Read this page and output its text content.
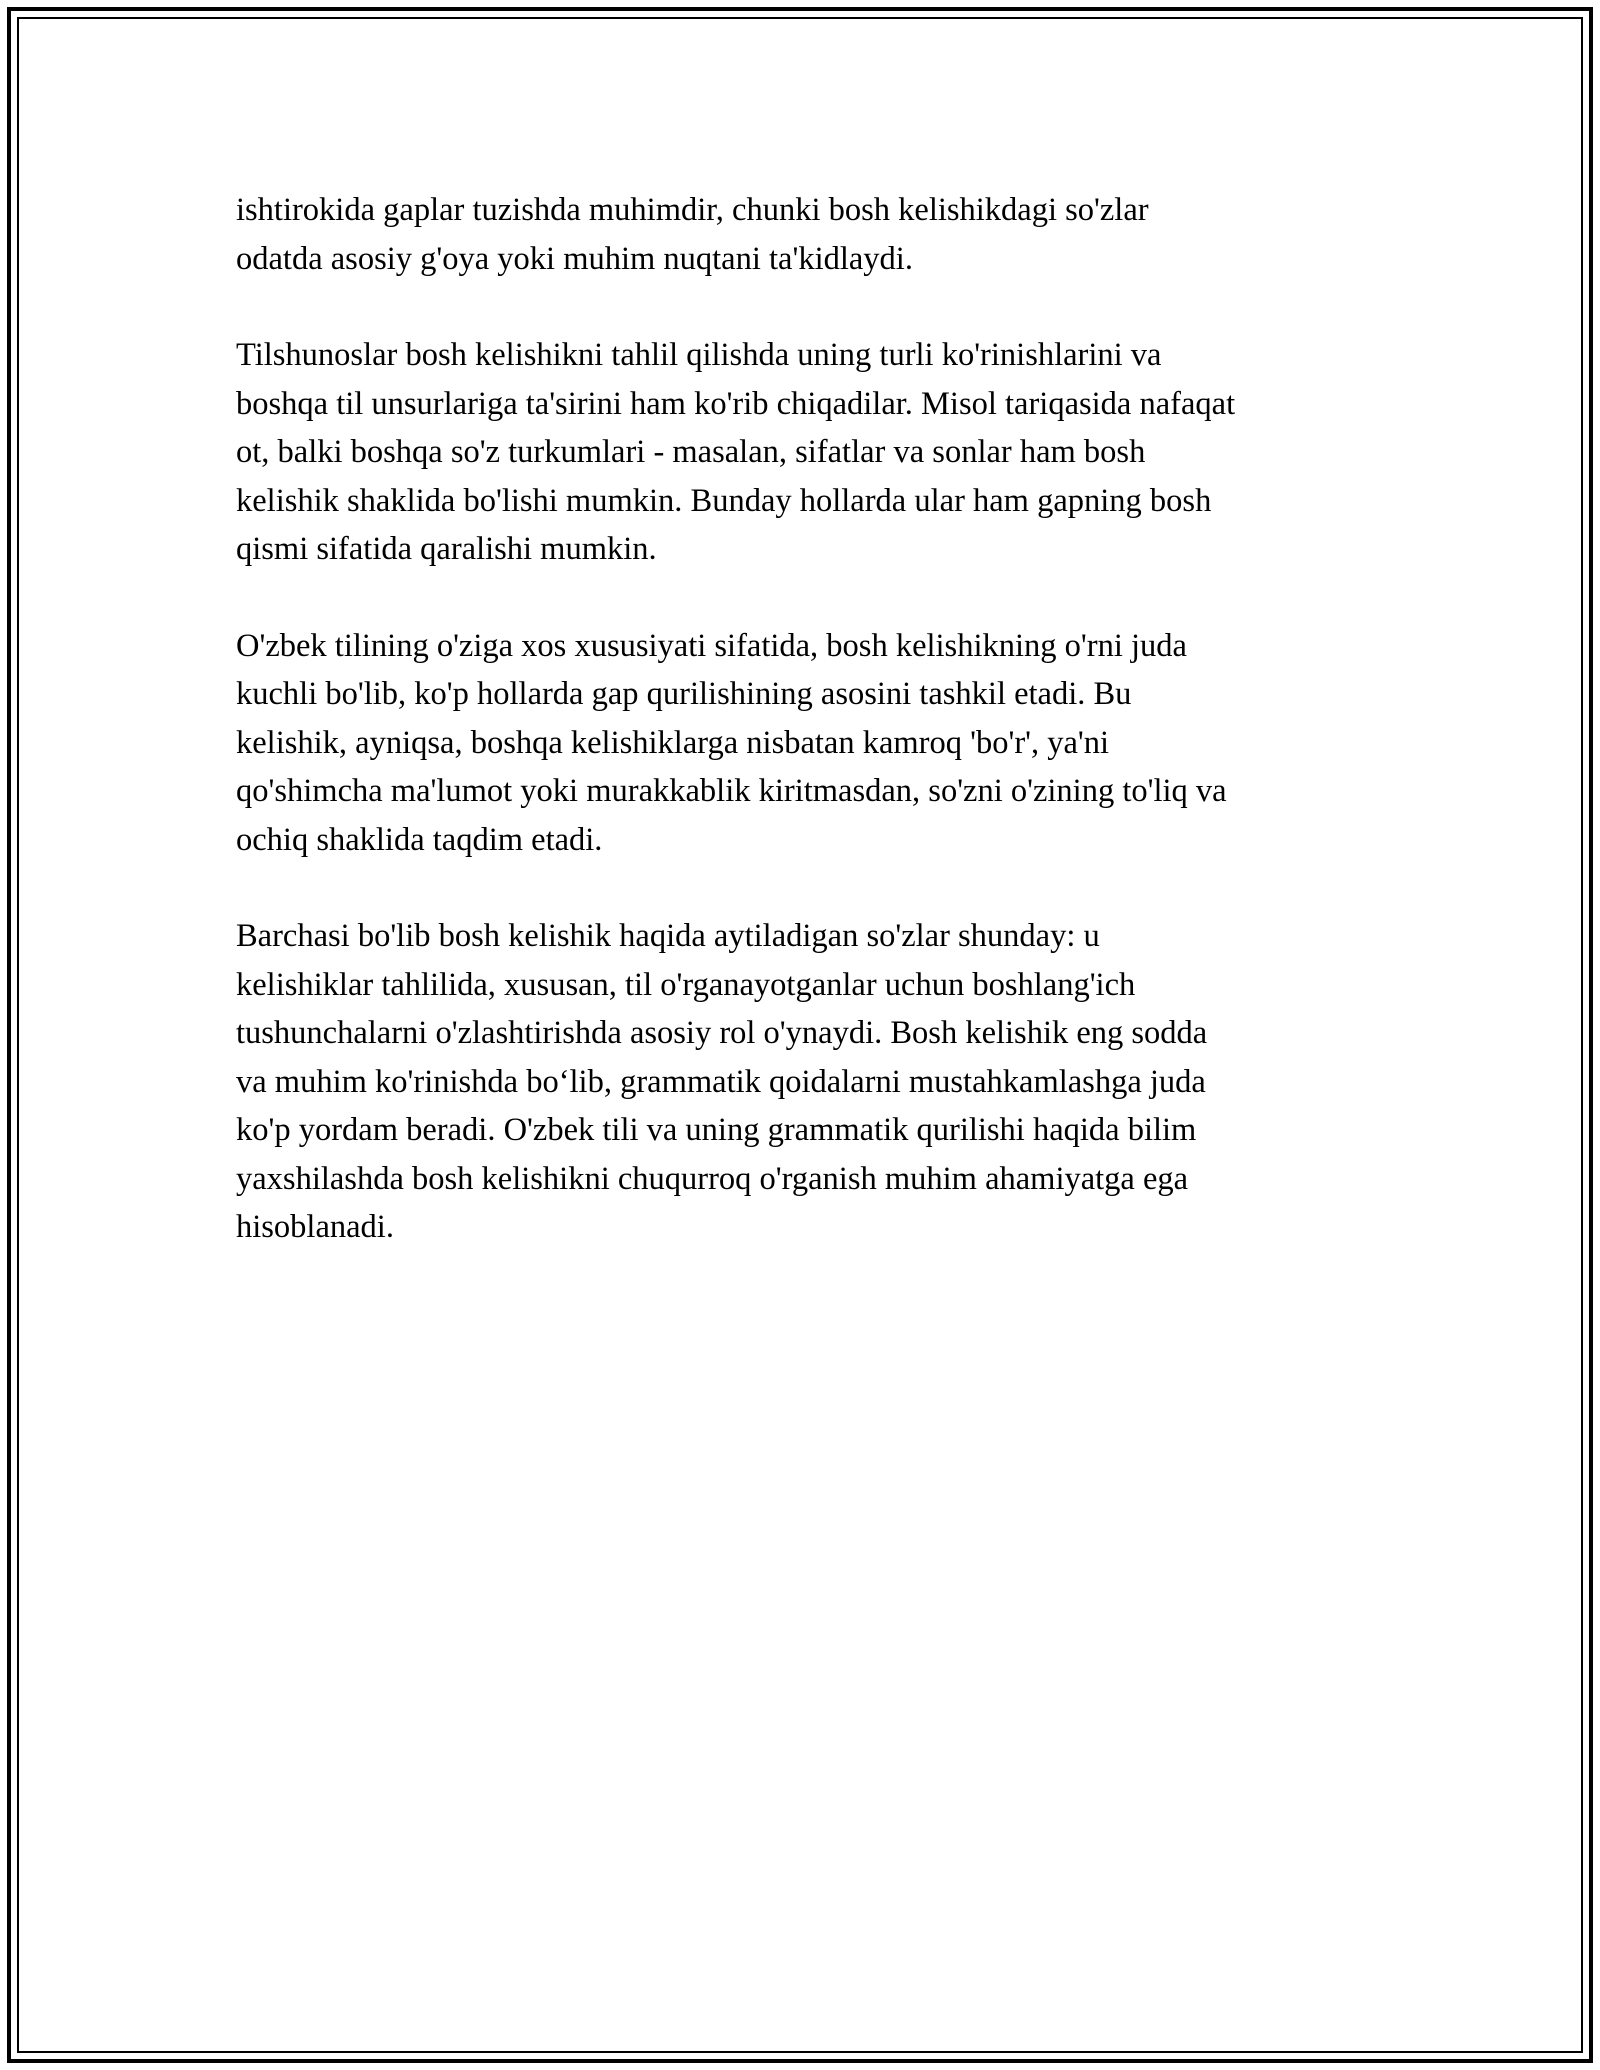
ishtirokida gaplar tuzishda muhimdir, chunki bosh kelishikdagi so'zlar
odatda asosiy g'oya yoki muhim nuqtani ta'kidlaydi.

Tilshunoslar bosh kelishikni tahlil qilishda uning turli ko'rinishlarini va
boshqa til unsurlariga ta'sirini ham ko'rib chiqadilar. Misol tariqasida nafaqat
ot, balki boshqa so'z turkumlari - masalan, sifatlar va sonlar ham bosh
kelishik shaklida bo'lishi mumkin. Bunday hollarda ular ham gapning bosh
qismi sifatida qaralishi mumkin.

O'zbek tilining o'ziga xos xususiyati sifatida, bosh kelishikning o'rni juda
kuchli bo'lib, ko'p hollarda gap qurilishining asosini tashkil etadi. Bu
kelishik, ayniqsa, boshqa kelishiklarga nisbatan kamroq 'bo'r', ya'ni
qo'shimcha ma'lumot yoki murakkablik kiritmasdan, so'zni o'zining to'liq va
ochiq shaklida taqdim etadi.

Barchasi bo'lib bosh kelishik haqida aytiladigan so'zlar shunday: u
kelishiklar tahlilida, xususan, til o'rganayotganlar uchun boshlang'ich
tushunchalarni o'zlashtirishda asosiy rol o'ynaydi. Bosh kelishik eng sodda
va muhim ko'rinishda bo‘lib, grammatik qoidalarni mustahkamlashga juda
ko'p yordam beradi. O'zbek tili va uning grammatik qurilishi haqida bilim
yaxshilashda bosh kelishikni chuqurroq o'rganish muhim ahamiyatga ega
hisoblanadi.
